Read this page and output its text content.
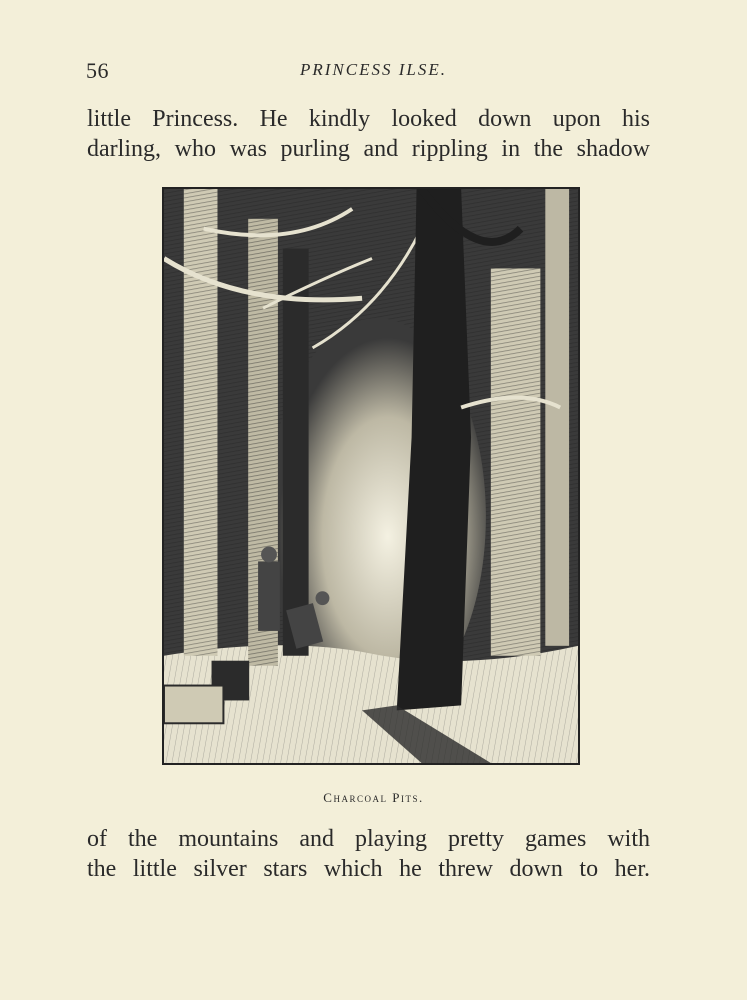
56	PRINCESS ILSE.
little Princess. He kindly looked down upon his
darling, who was purling and rippling in the shadow
Charcoal Pits.
of the mountains and playing pretty games with
the little silver stars which he threw down to her.
